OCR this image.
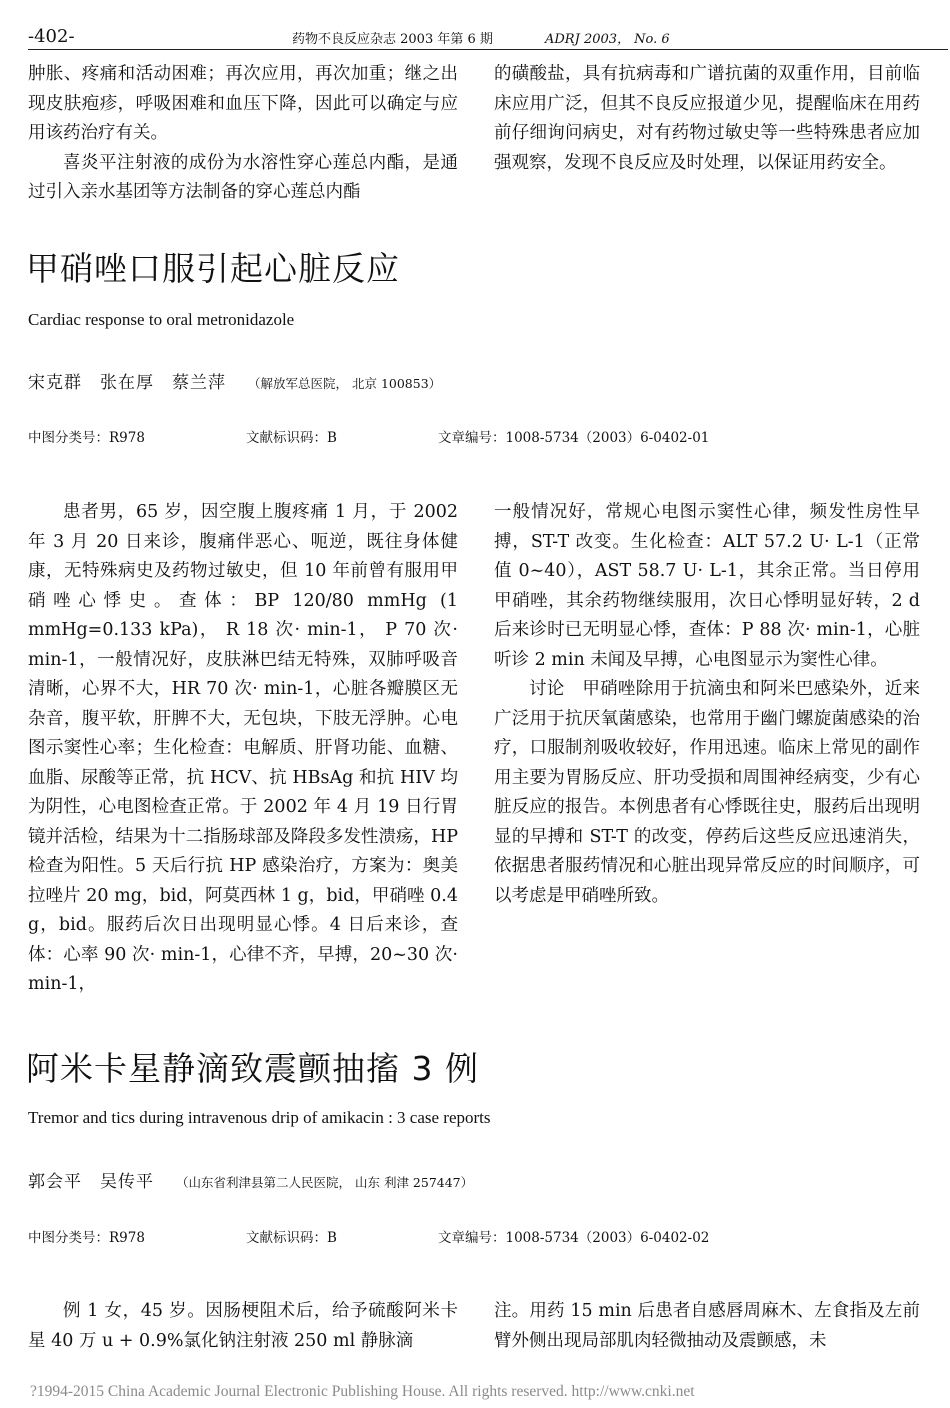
-402-	药物不良反应杂志 2003 年第 6 期	ADRJ 2003， No. 6

肿胀、疼痛和活动困难；再次应用，再次加重；继之出现皮肤疱疹，呼吸困难和血压下降，因此可以确定与应用该药治疗有关。

喜炎平注射液的成份为水溶性穿心莲总内酯，是通过引入亲水基团等方法制备的穿心莲总内酯

的磺酸盐，具有抗病毒和广谱抗菌的双重作用，目前临床应用广泛，但其不良反应报道少见，提醒临床在用药前仔细询问病史，对有药物过敏史等一些特殊患者应加强观察，发现不良反应及时处理，以保证用药安全。

甲硝唑口服引起心脏反应
Cardiac response to oral metronidazole
宋克群 张在厚 蔡兰萍 （解放军总医院， 北京 100853）
中图分类号：R978	文献标识码：B	文章编号：1008-5734（2003）6-0402-01

患者男，65 岁，因空腹上腹疼痛 1 月，于 2002 年 3 月 20 日来诊，腹痛伴恶心、呃逆，既往身体健康，无特殊病史及药物过敏史，但 10 年前曾有服用甲硝唑心悸史。查体：BP 120/80 mmHg (1 mmHg=0.133 kPa)， R 18 次· min-1， P 70 次· min-1，一般情况好，皮肤淋巴结无特殊，双肺呼吸音清晰，心界不大，HR 70 次· min-1，心脏各瓣膜区无杂音，腹平软，肝脾不大，无包块，下肢无浮肿。心电图示窦性心率；生化检查：电解质、肝肾功能、血糖、血脂、尿酸等正常，抗 HCV、抗 HBsAg 和抗 HIV 均为阴性，心电图检查正常。于 2002 年 4 月 19 日行胃镜并活检，结果为十二指肠球部及降段多发性溃疡，HP 检查为阳性。5 天后行抗 HP 感染治疗，方案为：奥美拉唑片 20 mg，bid，阿莫西林 1 g，bid，甲硝唑 0.4 g，bid。服药后次日出现明显心悸。4 日后来诊，查体：心率 90 次· min-1，心律不齐，早搏，20~30 次· min-1，

一般情况好，常规心电图示窦性心律，频发性房性早搏，ST-T 改变。生化检查：ALT 57.2 U· L-1（正常值 0~40），AST 58.7 U· L-1，其余正常。当日停用甲硝唑，其余药物继续服用，次日心悸明显好转，2 d 后来诊时已无明显心悸，查体：P 88 次· min-1，心脏听诊 2 min 未闻及早搏，心电图显示为窦性心律。

讨论　甲硝唑除用于抗滴虫和阿米巴感染外，近来广泛用于抗厌氧菌感染，也常用于幽门螺旋菌感染的治疗，口服制剂吸收较好，作用迅速。临床上常见的副作用主要为胃肠反应、肝功受损和周围神经病变，少有心脏反应的报告。本例患者有心悸既往史，服药后出现明显的早搏和 ST-T 的改变，停药后这些反应迅速消失，依据患者服药情况和心脏出现异常反应的时间顺序，可以考虑是甲硝唑所致。

阿米卡星静滴致震颤抽搐 3 例
Tremor and tics during intravenous drip of amikacin : 3 case reports
郭会平 吴传平 （山东省利津县第二人民医院， 山东 利津 257447）
中图分类号：R978	文献标识码：B	文章编号：1008-5734（2003）6-0402-02

例 1 女，45 岁。因肠梗阻术后，给予硫酸阿米卡星 40 万 u + 0.9%氯化钠注射液 250 ml 静脉滴

注。用药 15 min 后患者自感唇周麻木、左食指及左前臂外侧出现局部肌肉轻微抽动及震颤感，未

?1994-2015 China Academic Journal Electronic Publishing House. All rights reserved. http://www.cnki.net
